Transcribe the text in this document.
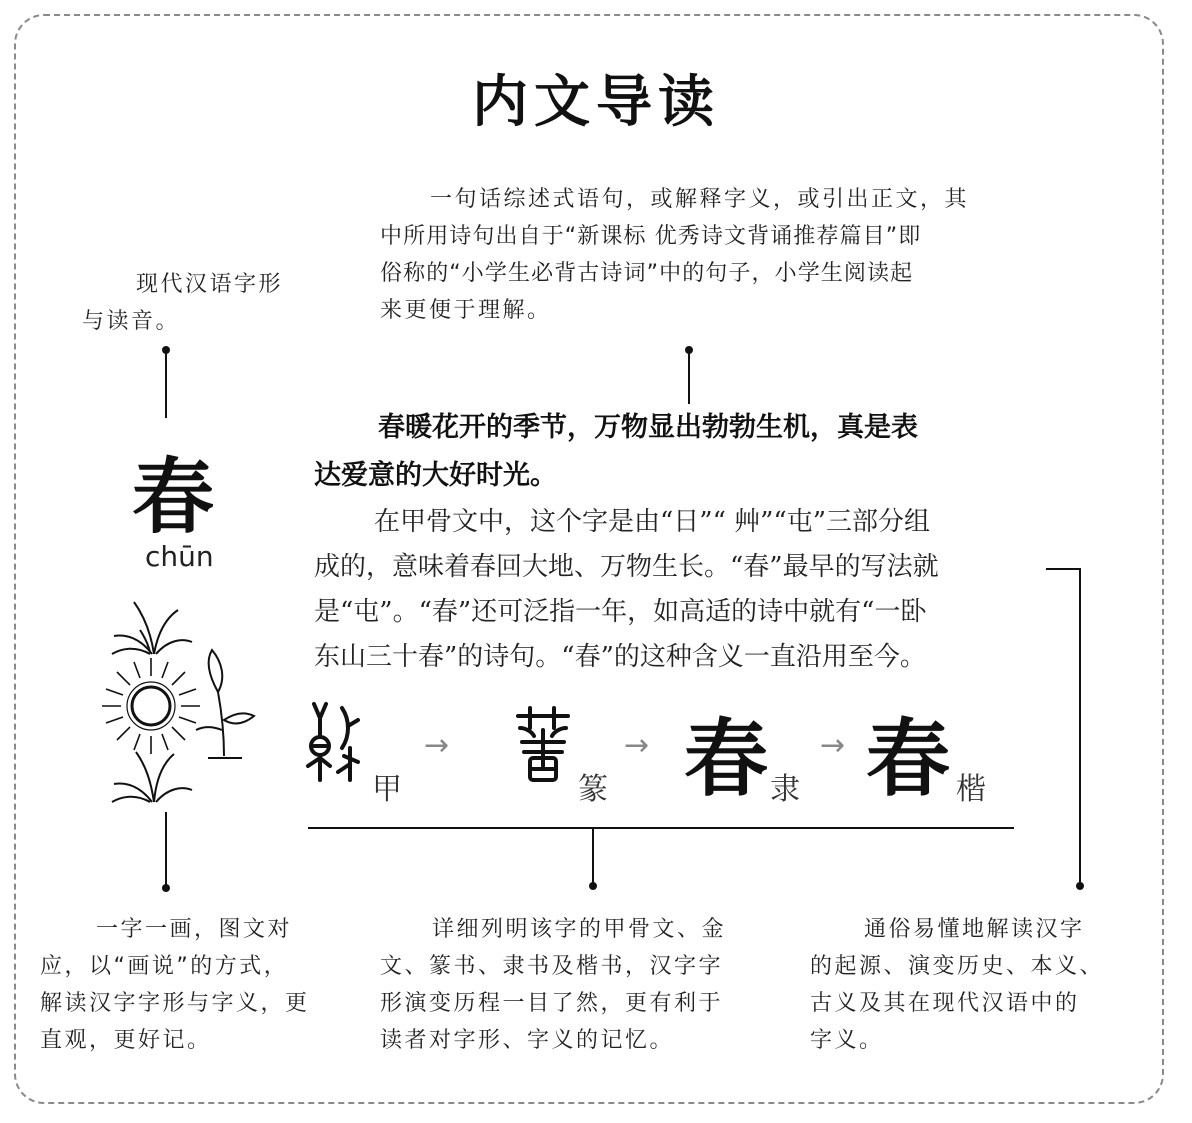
内文导读
现代汉语字形
与读音。
一句话综述式语句，或解释字义，或引出正文，其
中所用诗句出自于“新课标 优秀诗文背诵推荐篇目”即
俗称的“小学生必背古诗词”中的句子，小学生阅读起
来更便于理解。
春
chūn
春暖花开的季节，万物显出勃勃生机，真是表
达爱意的大好时光。
在甲骨文中，这个字是由“日”“ 艸”“屯”三部分组
成的，意味着春回大地、万物生长。“春”最早的写法就
是“屯”。“春”还可泛指一年，如高适的诗中就有“一卧
东山三十春”的诗句。“春”的这种含义一直沿用至今。
甲
→
篆
→ 春 隶
→ 春 楷
一字一画，图文对
应，以“画说”的方式，
解读汉字字形与字义，更
直观，更好记。
详细列明该字的甲骨文、金
文、篆书、隶书及楷书，汉字字
形演变历程一目了然，更有利于
读者对字形、字义的记忆。
通俗易懂地解读汉字
的起源、演变历史、本义、
古义及其在现代汉语中的
字义。
